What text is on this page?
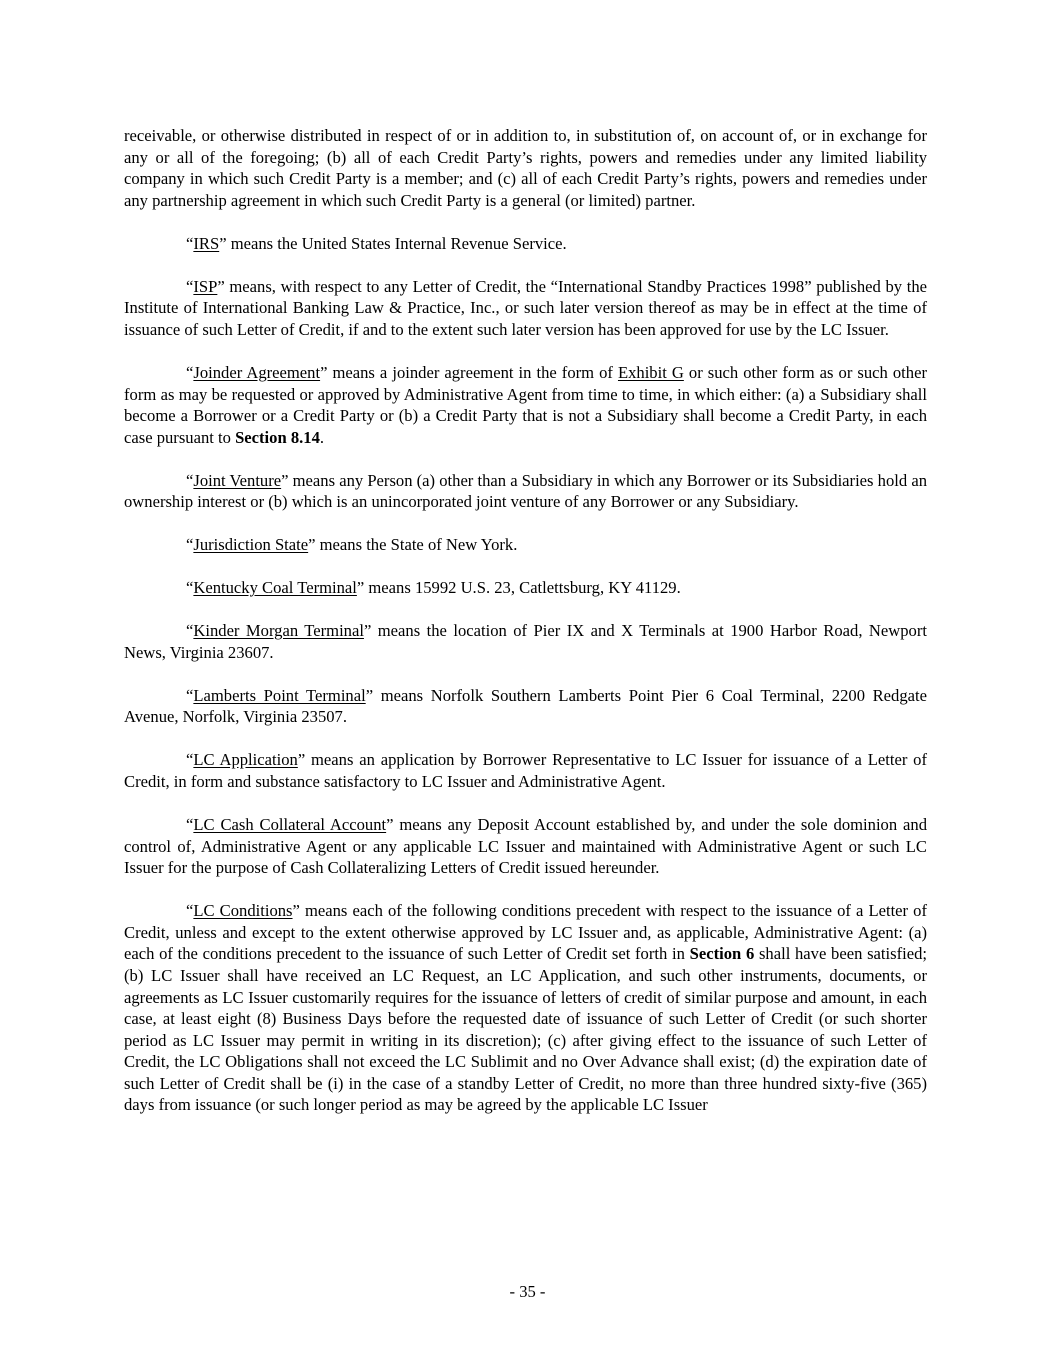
receivable, or otherwise distributed in respect of or in addition to, in substitution of, on account of, or in exchange for any or all of the foregoing; (b) all of each Credit Party’s rights, powers and remedies under any limited liability company in which such Credit Party is a member; and (c) all of each Credit Party’s rights, powers and remedies under any partnership agreement in which such Credit Party is a general (or limited) partner.

“IRS” means the United States Internal Revenue Service.

“ISP” means, with respect to any Letter of Credit, the “International Standby Practices 1998” published by the Institute of International Banking Law & Practice, Inc., or such later version thereof as may be in effect at the time of issuance of such Letter of Credit, if and to the extent such later version has been approved for use by the LC Issuer.

“Joinder Agreement” means a joinder agreement in the form of Exhibit G or such other form as or such other form as may be requested or approved by Administrative Agent from time to time, in which either: (a) a Subsidiary shall become a Borrower or a Credit Party or (b) a Credit Party that is not a Subsidiary shall become a Credit Party, in each case pursuant to Section 8.14.

“Joint Venture” means any Person (a) other than a Subsidiary in which any Borrower or its Subsidiaries hold an ownership interest or (b) which is an unincorporated joint venture of any Borrower or any Subsidiary.

“Jurisdiction State” means the State of New York.

“Kentucky Coal Terminal” means 15992 U.S. 23, Catlettsburg, KY 41129.

“Kinder Morgan Terminal” means the location of Pier IX and X Terminals at 1900 Harbor Road, Newport News, Virginia 23607.

“Lamberts Point Terminal” means Norfolk Southern Lamberts Point Pier 6 Coal Terminal, 2200 Redgate Avenue, Norfolk, Virginia 23507.

“LC Application” means an application by Borrower Representative to LC Issuer for issuance of a Letter of Credit, in form and substance satisfactory to LC Issuer and Administrative Agent.

“LC Cash Collateral Account” means any Deposit Account established by, and under the sole dominion and control of, Administrative Agent or any applicable LC Issuer and maintained with Administrative Agent or such LC Issuer for the purpose of Cash Collateralizing Letters of Credit issued hereunder.

“LC Conditions” means each of the following conditions precedent with respect to the issuance of a Letter of Credit, unless and except to the extent otherwise approved by LC Issuer and, as applicable, Administrative Agent: (a) each of the conditions precedent to the issuance of such Letter of Credit set forth in Section 6 shall have been satisfied; (b) LC Issuer shall have received an LC Request, an LC Application, and such other instruments, documents, or agreements as LC Issuer customarily requires for the issuance of letters of credit of similar purpose and amount, in each case, at least eight (8) Business Days before the requested date of issuance of such Letter of Credit (or such shorter period as LC Issuer may permit in writing in its discretion); (c) after giving effect to the issuance of such Letter of Credit, the LC Obligations shall not exceed the LC Sublimit and no Over Advance shall exist; (d) the expiration date of such Letter of Credit shall be (i) in the case of a standby Letter of Credit, no more than three hundred sixty-five (365) days from issuance (or such longer period as may be agreed by the applicable LC Issuer

- 35 -
